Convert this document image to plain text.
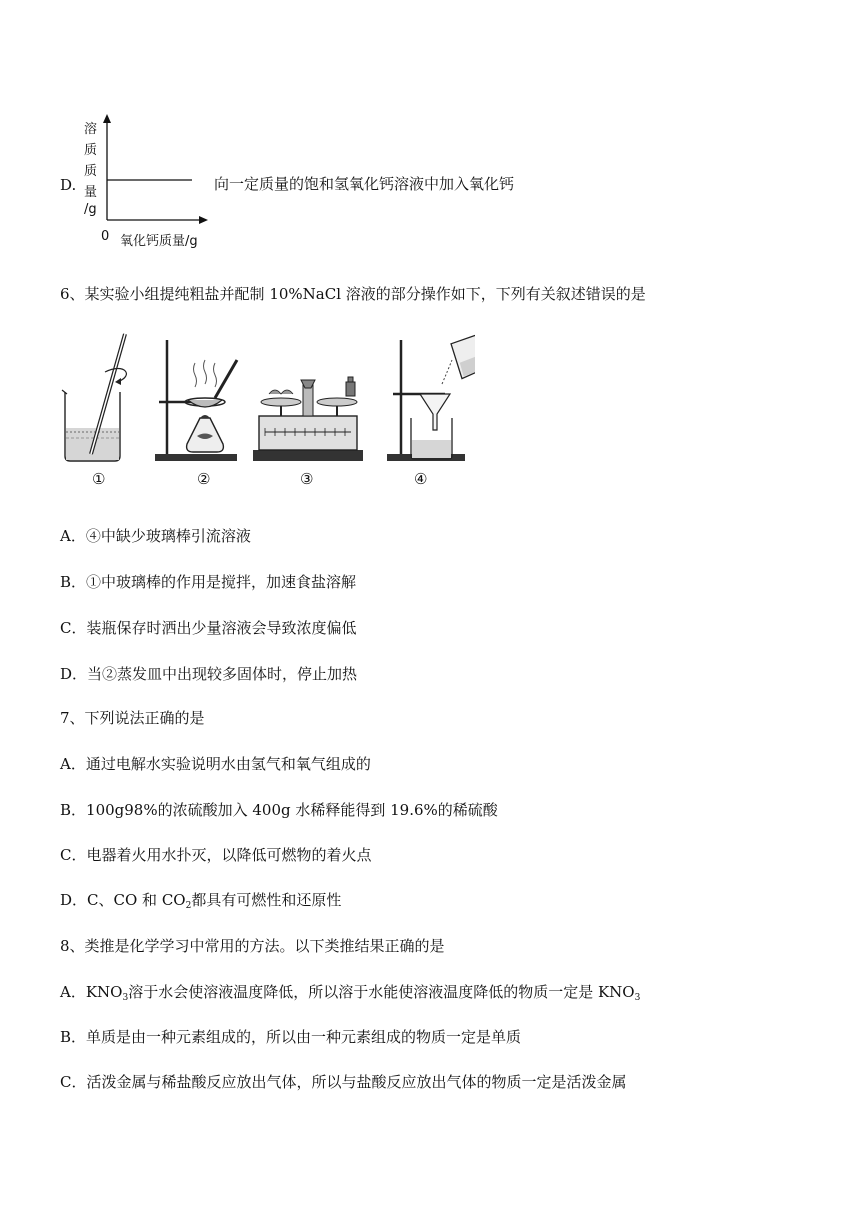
D.
溶
质
质
量
/g
0 氧化钙质量/g
向一定质量的饱和氢氧化钙溶液中加入氧化钙
6、某实验小组提纯粗盐并配制 10%NaCl 溶液的部分操作如下，下列有关叙述错误的是
①	②	③	④
A．④中缺少玻璃棒引流溶液
B．①中玻璃棒的作用是搅拌，加速食盐溶解
C．装瓶保存时洒出少量溶液会导致浓度偏低
D．当②蒸发皿中出现较多固体时，停止加热
7、下列说法正确的是
A．通过电解水实验说明水由氢气和氧气组成的
B．100g98%的浓硫酸加入 400g 水稀释能得到 19.6%的稀硫酸
C．电器着火用水扑灭，以降低可燃物的着火点
D．C、CO 和 $CO_2$都具有可燃性和还原性
8、类推是化学学习中常用的方法。以下类推结果正确的是
A．$KNO_3$溶于水会使溶液温度降低，所以溶于水能使溶液温度降低的物质一定是 $KNO_3$
B．单质是由一种元素组成的，所以由一种元素组成的物质一定是单质
C．活泼金属与稀盐酸反应放出气体，所以与盐酸反应放出气体的物质一定是活泼金属
